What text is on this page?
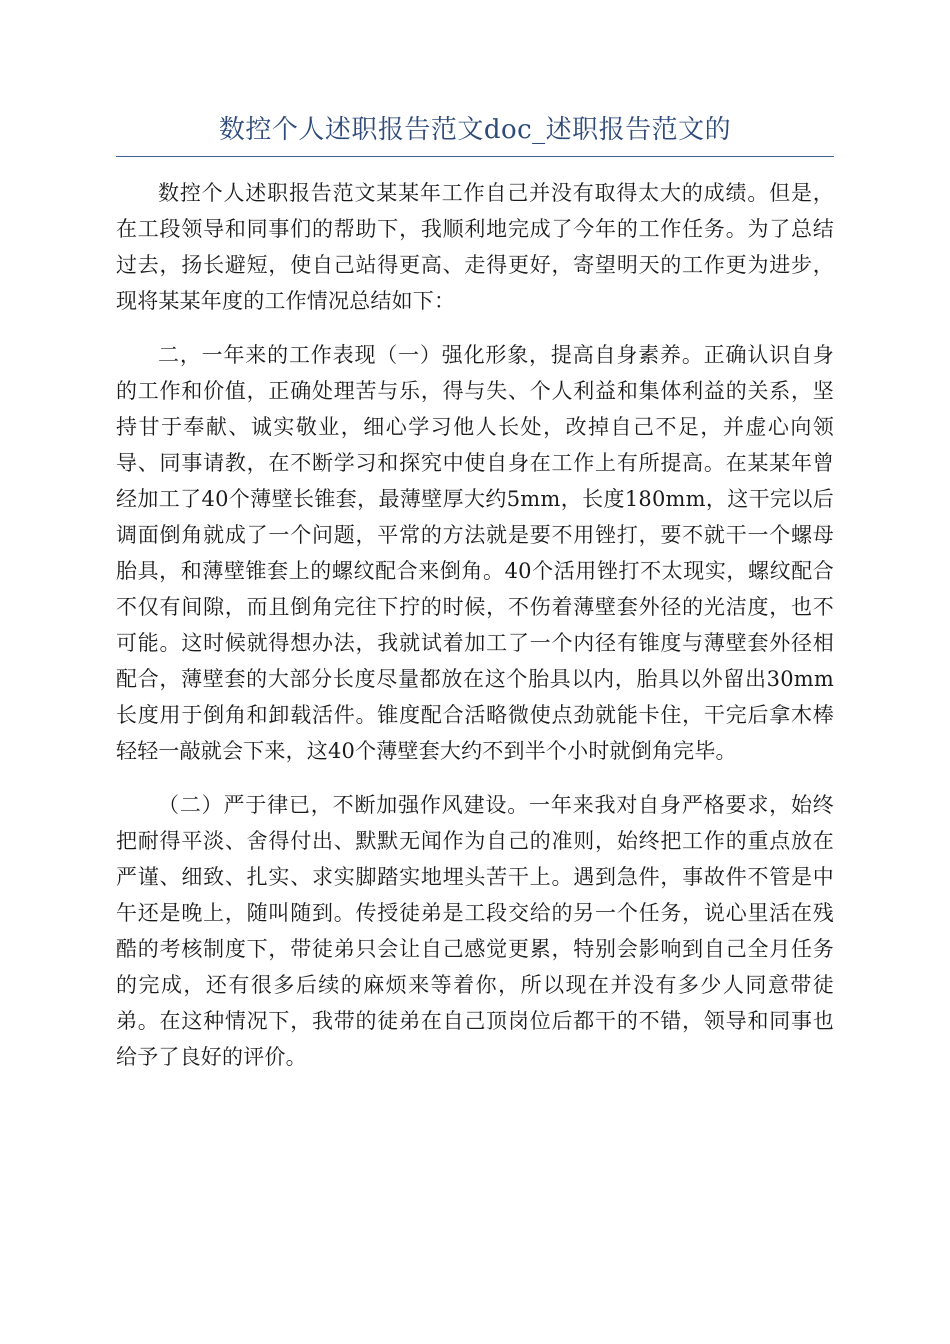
数控个人述职报告范文doc_述职报告范文的

数控个人述职报告范文某某年工作自己并没有取得太大的成绩。但是，在工段领导和同事们的帮助下，我顺利地完成了今年的工作任务。为了总结过去，扬长避短，使自己站得更高、走得更好，寄望明天的工作更为进步，现将某某年度的工作情况总结如下：

二，一年来的工作表现（一）强化形象，提高自身素养。正确认识自身的工作和价值，正确处理苦与乐，得与失、个人利益和集体利益的关系，坚持甘于奉献、诚实敬业，细心学习他人长处，改掉自己不足，并虚心向领导、同事请教，在不断学习和探究中使自身在工作上有所提高。在某某年曾经加工了40个薄壁长锥套，最薄壁厚大约5mm，长度180mm，这干完以后调面倒角就成了一个问题，平常的方法就是要不用锉打，要不就干一个螺母胎具，和薄壁锥套上的螺纹配合来倒角。40个活用锉打不太现实，螺纹配合不仅有间隙，而且倒角完往下拧的时候，不伤着薄壁套外径的光洁度，也不可能。这时候就得想办法，我就试着加工了一个内径有锥度与薄壁套外径相配合，薄壁套的大部分长度尽量都放在这个胎具以内，胎具以外留出30mm长度用于倒角和卸载活件。锥度配合活略微使点劲就能卡住，干完后拿木棒轻轻一敲就会下来，这40个薄壁套大约不到半个小时就倒角完毕。

（二）严于律已，不断加强作风建设。一年来我对自身严格要求，始终把耐得平淡、舍得付出、默默无闻作为自己的准则，始终把工作的重点放在严谨、细致、扎实、求实脚踏实地埋头苦干上。遇到急件，事故件不管是中午还是晚上，随叫随到。传授徒弟是工段交给的另一个任务，说心里活在残酷的考核制度下，带徒弟只会让自己感觉更累，特别会影响到自己全月任务的完成，还有很多后续的麻烦来等着你，所以现在并没有多少人同意带徒弟。在这种情况下，我带的徒弟在自己顶岗位后都干的不错，领导和同事也给予了良好的评价。
